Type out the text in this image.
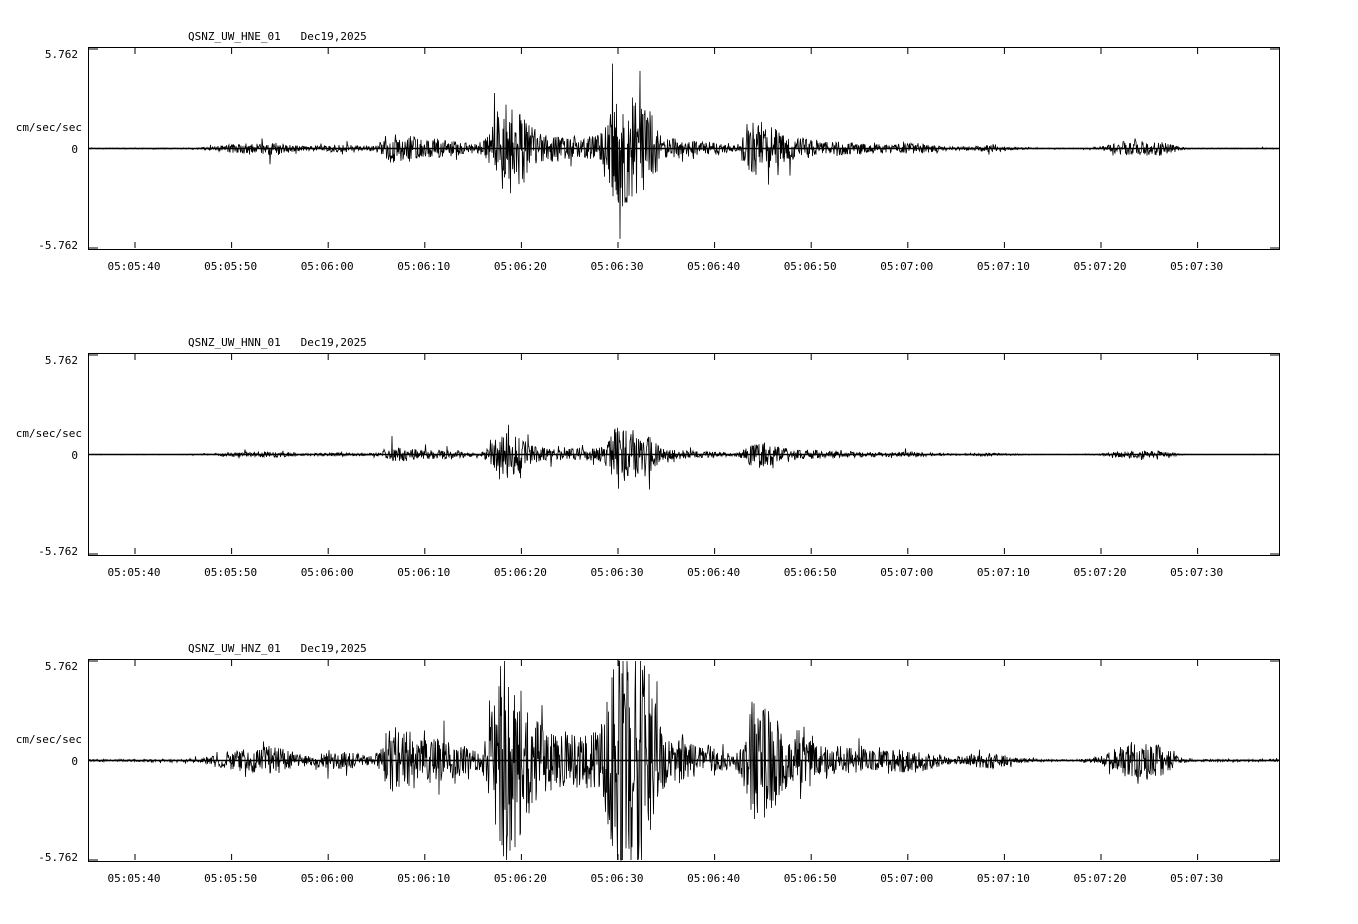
QSNZ_UW_HNE_01   Dec19,2025
cm/sec/sec
5.762
0
-5.762
05:05:40	05:05:50	05:06:00	05:06:10	05:06:20	05:06:30	05:06:40	05:06:50	05:07:00	05:07:10	05:07:20	05:07:30
QSNZ_UW_HNN_01   Dec19,2025
cm/sec/sec
5.762
0
-5.762
05:05:40	05:05:50	05:06:00	05:06:10	05:06:20	05:06:30	05:06:40	05:06:50	05:07:00	05:07:10	05:07:20	05:07:30
QSNZ_UW_HNZ_01   Dec19,2025
cm/sec/sec
5.762
0
-5.762
05:05:40	05:05:50	05:06:00	05:06:10	05:06:20	05:06:30	05:06:40	05:06:50	05:07:00	05:07:10	05:07:20	05:07:30
